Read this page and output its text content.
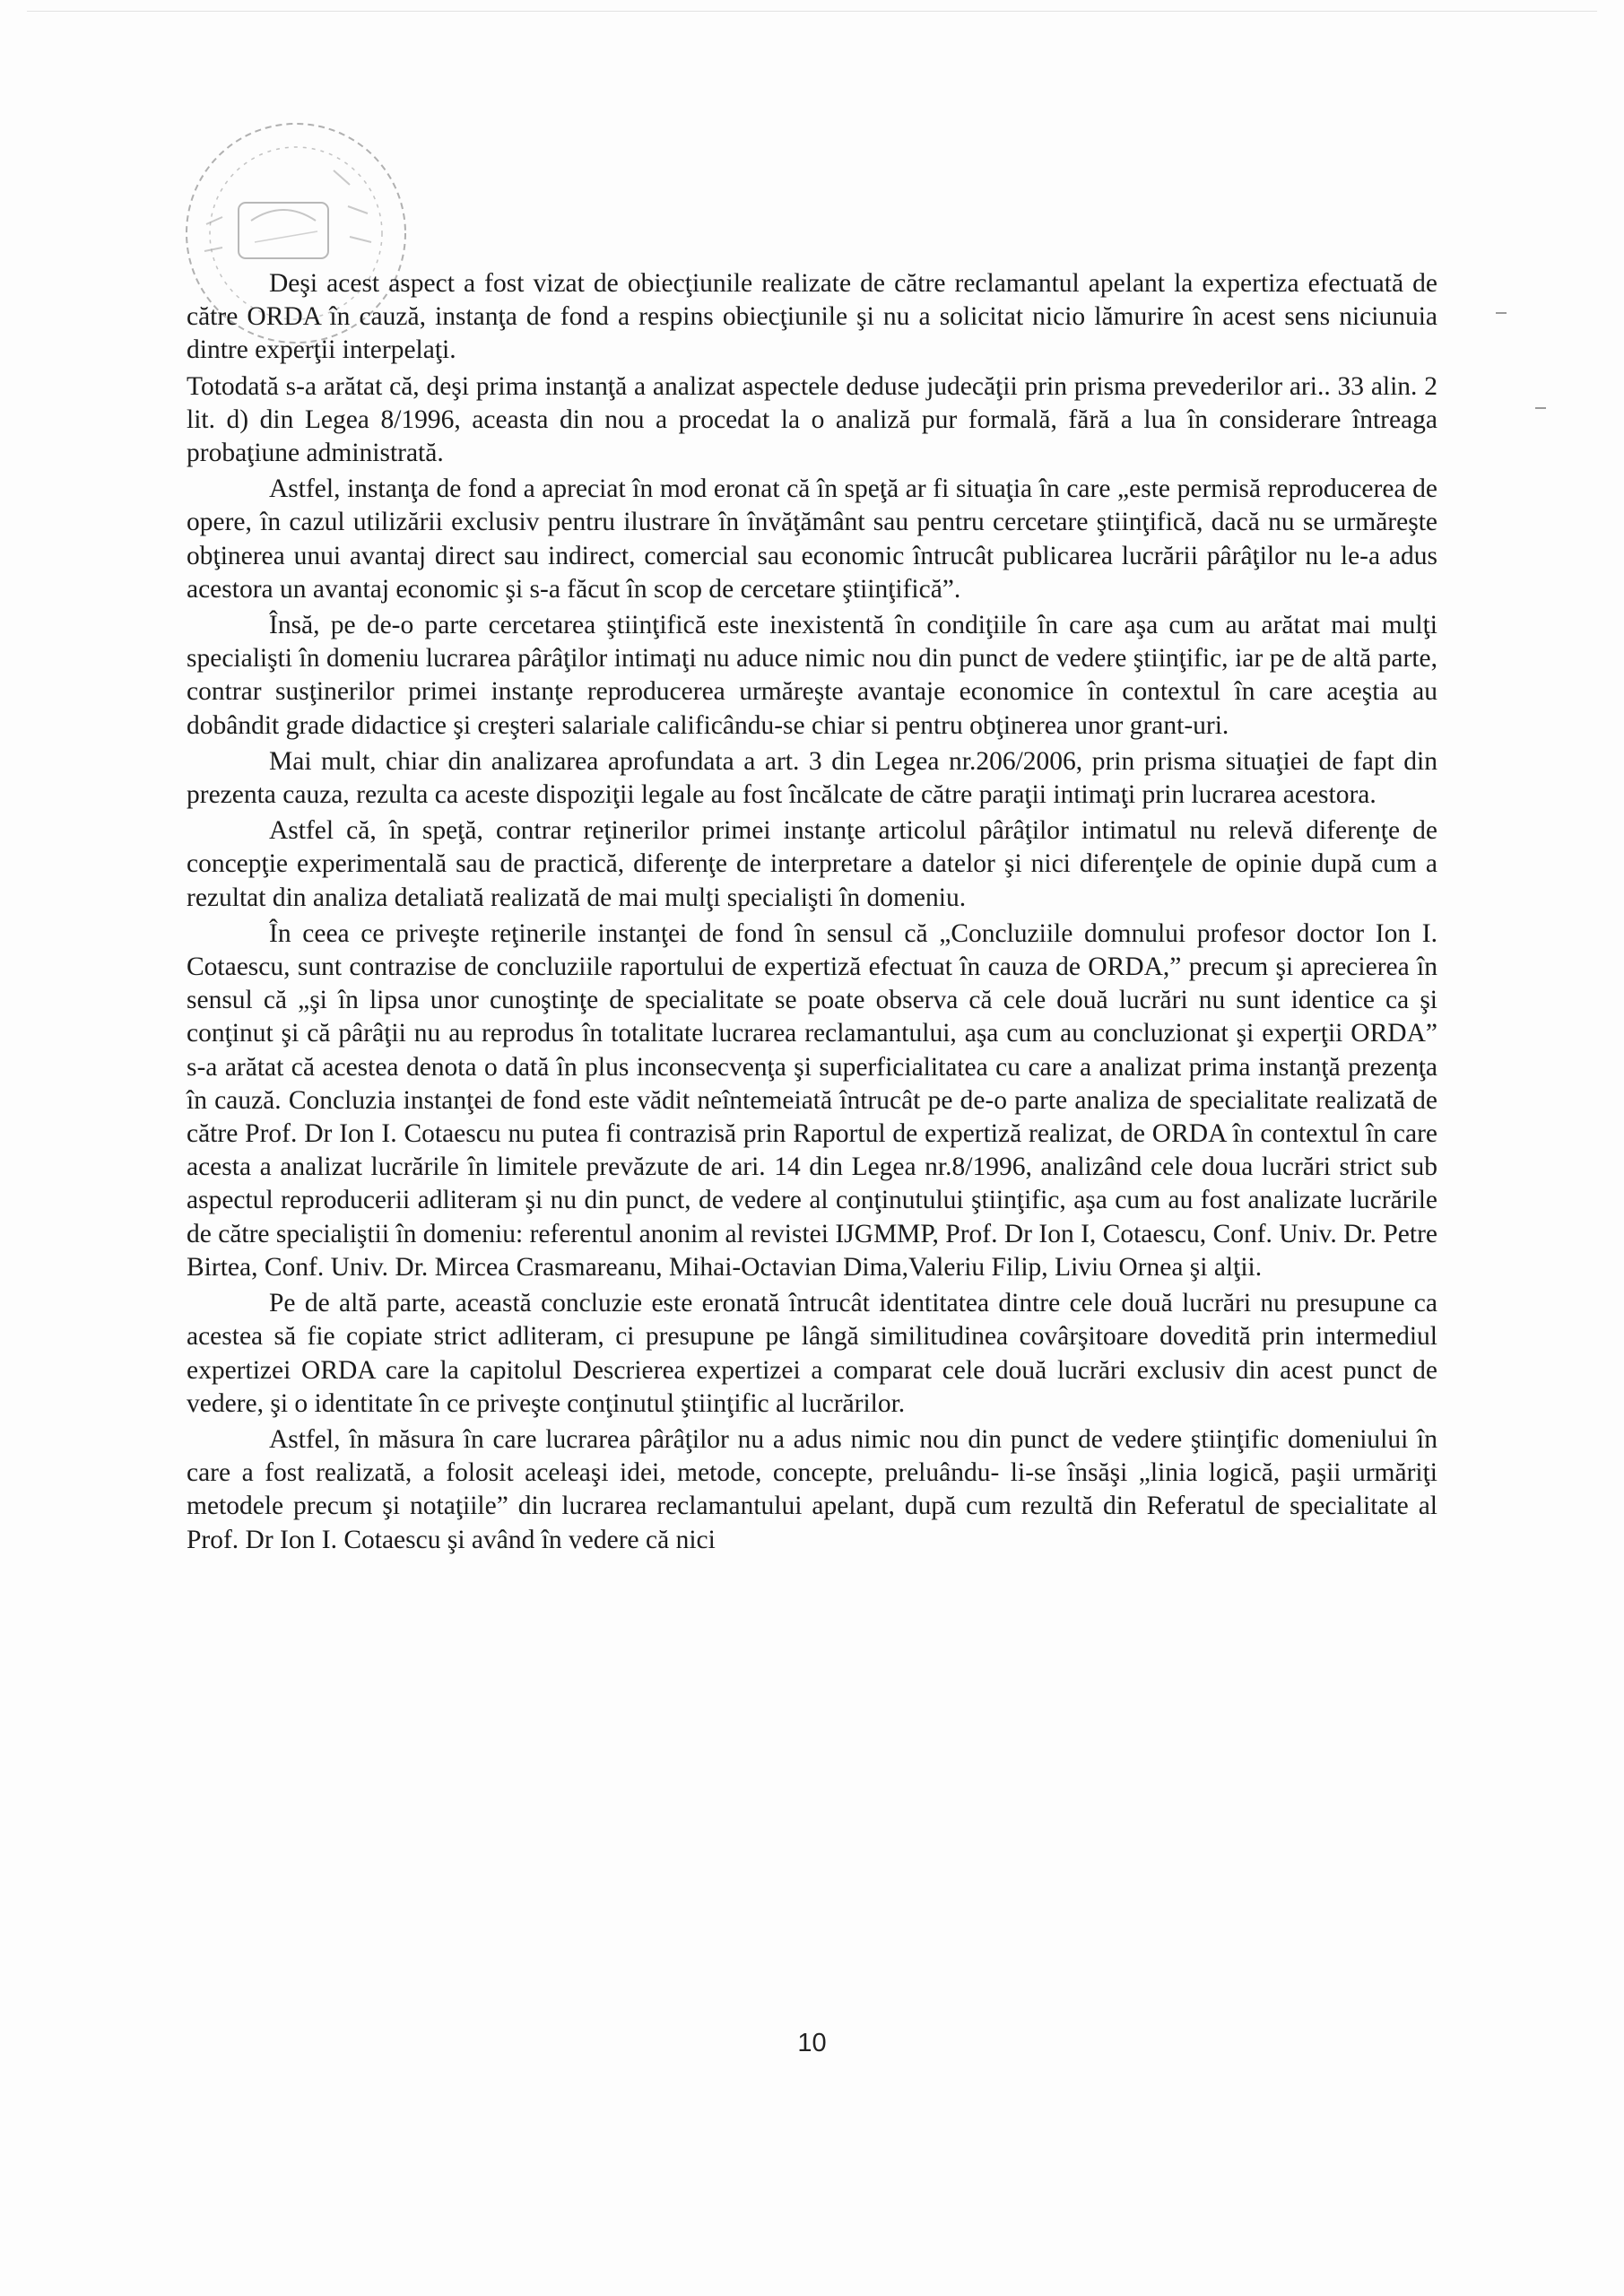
Deşi acest aspect a fost vizat de obiecţiunile realizate de către reclamantul apelant la expertiza efectuată de către ORDA în cauză, instanţa de fond a respins obiecţiunile şi nu a solicitat nicio lămurire în acest sens niciunuia dintre experţii interpelaţi.

Totodată s-a arătat că, deşi prima instanţă a analizat aspectele deduse judecăţii prin prisma prevederilor ari.. 33 alin. 2 lit. d) din Legea 8/1996, aceasta din nou a procedat la o analiză pur formală, fără a lua în considerare întreaga probaţiune administrată.

Astfel, instanţa de fond a apreciat în mod eronat că în speţă ar fi situaţia în care „este permisă reproducerea de opere, în cazul utilizării exclusiv pentru ilustrare în învăţământ sau pentru cercetare ştiinţifică, dacă nu se urmăreşte obţinerea unui avantaj direct sau indirect, comercial sau economic întrucât publicarea lucrării pârâţilor nu le-a adus acestora un avantaj economic şi s-a făcut în scop de cercetare ştiinţifică”.

Însă, pe de-o parte cercetarea ştiinţifică este inexistentă în condiţiile în care aşa cum au arătat mai mulţi specialişti în domeniu lucrarea pârâţilor intimaţi nu aduce nimic nou din punct de vedere ştiinţific, iar pe de altă parte, contrar susţinerilor primei instanţe reproducerea urmăreşte avantaje economice în contextul în care aceştia au dobândit grade didactice şi creşteri salariale calificându-se chiar si pentru obţinerea unor grant-uri.

Mai mult, chiar din analizarea aprofundata a art. 3 din Legea nr.206/2006, prin prisma situaţiei de fapt din prezenta cauza, rezulta ca aceste dispoziţii legale au fost încălcate de către paraţii intimaţi prin lucrarea acestora.

Astfel că, în speţă, contrar reţinerilor primei instanţe articolul pârâţilor intimatul nu relevă diferenţe de concepţie experimentală sau de practică, diferenţe de interpretare a datelor şi nici diferenţele de opinie după cum a rezultat din analiza detaliată realizată de mai mulţi specialişti în domeniu.

În ceea ce priveşte reţinerile instanţei de fond în sensul că „Concluziile domnului profesor doctor Ion I. Cotaescu, sunt contrazise de concluziile raportului de expertiză efectuat în cauza de ORDA,” precum şi aprecierea în sensul că „şi în lipsa unor cunoştinţe de specialitate se poate observa că cele două lucrări nu sunt identice ca şi conţinut şi că pârâţii nu au reprodus în totalitate lucrarea reclamantului, aşa cum au concluzionat şi experţii ORDA” s-a arătat că acestea denota o dată în plus inconsecvenţa şi superficialitatea cu care a analizat prima instanţă prezenţa în cauză. Concluzia instanţei de fond este vădit neîntemeiată întrucât pe de-o parte analiza de specialitate realizată de către Prof. Dr Ion I. Cotaescu nu putea fi contrazisă prin Raportul de expertiză realizat, de ORDA în contextul în care acesta a analizat lucrările în limitele prevăzute de ari. 14 din Legea nr.8/1996, analizând cele doua lucrări strict sub aspectul reproducerii adliteram şi nu din punct, de vedere al conţinutului ştiinţific, aşa cum au fost analizate lucrările de către specialiştii în domeniu: referentul anonim al revistei IJGMMP, Prof. Dr Ion I, Cotaescu, Conf. Univ. Dr. Petre Birtea, Conf. Univ. Dr. Mircea Crasmareanu, Mihai-Octavian Dima,Valeriu Filip, Liviu Ornea şi alţii.

Pe de altă parte, această concluzie este eronată întrucât identitatea dintre cele două lucrări nu presupune ca acestea să fie copiate strict adliteram, ci presupune pe lângă similitudinea covârşitoare dovedită prin intermediul expertizei ORDA care la capitolul Descrierea expertizei a comparat cele două lucrări exclusiv din acest punct de vedere, şi o identitate în ce priveşte conţinutul ştiinţific al lucrărilor.

Astfel, în măsura în care lucrarea pârâţilor nu a adus nimic nou din punct de vedere ştiinţific domeniului în care a fost realizată, a folosit aceleaşi idei, metode, concepte, preluându- li-se însăşi „linia logică, paşii urmăriţi metodele precum şi notaţiile” din lucrarea reclamantului apelant, după cum rezultă din Referatul de specialitate al Prof. Dr Ion I. Cotaescu şi având în vedere că nici

10
